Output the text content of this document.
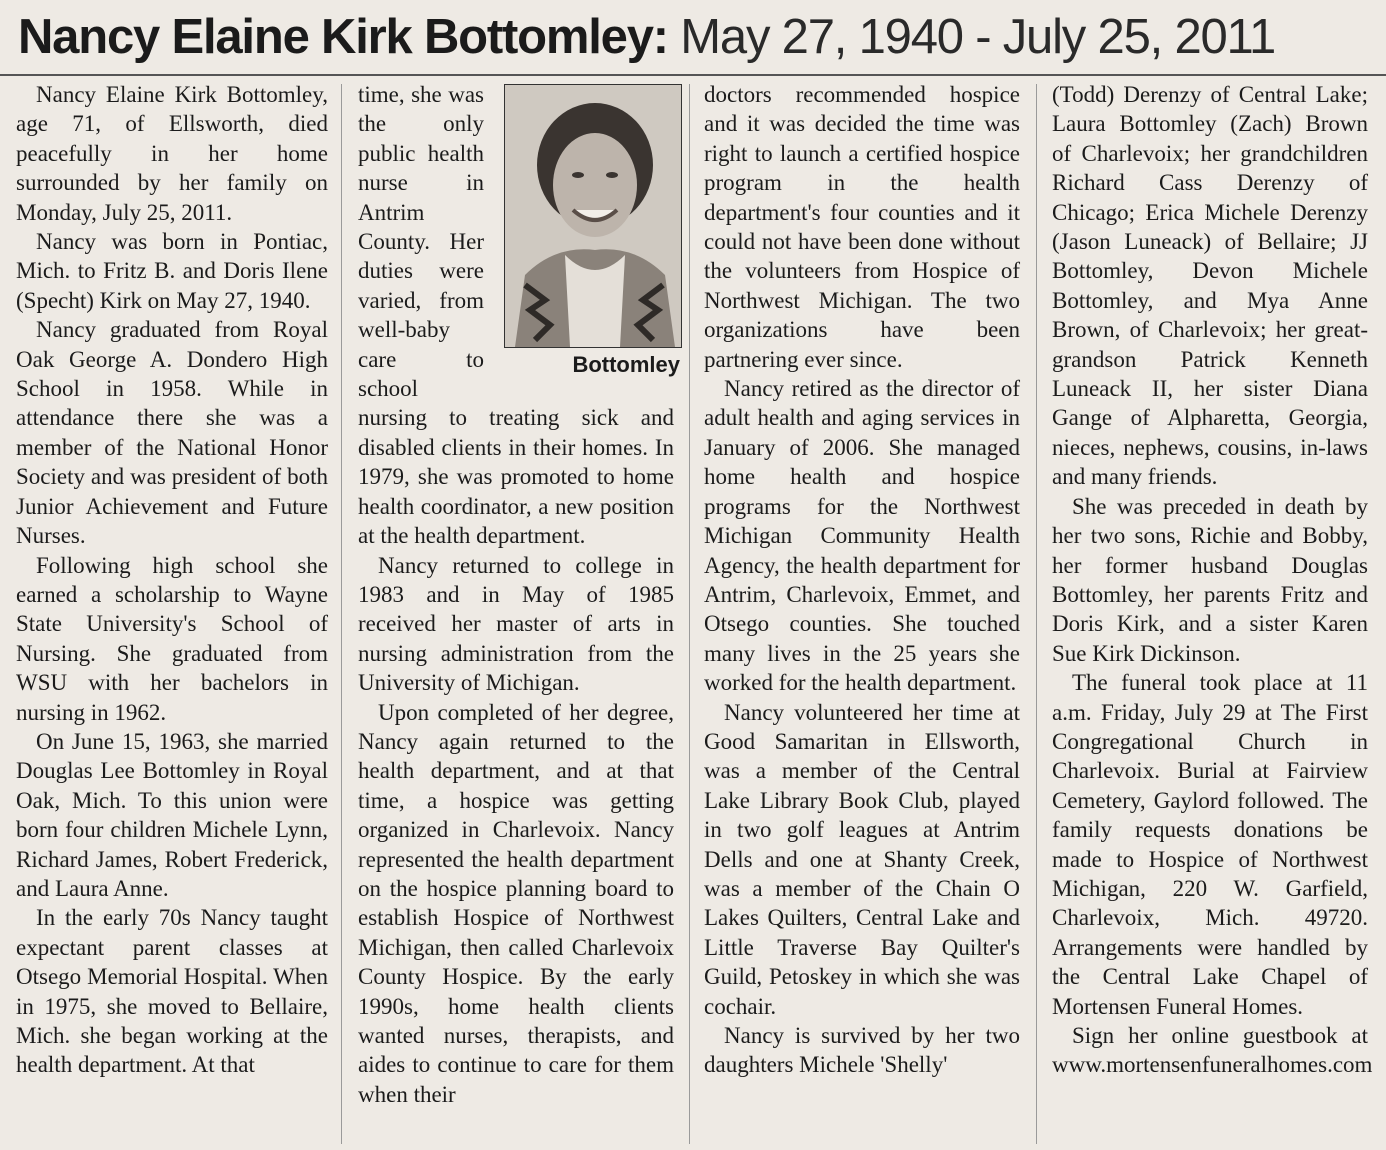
Nancy Elaine Kirk Bottomley: May 27, 1940 - July 25, 2011

Nancy Elaine Kirk Bottomley, age 71, of Ellsworth, died peacefully in her home surrounded by her family on Monday, July 25, 2011.

Nancy was born in Pontiac, Mich. to Fritz B. and Doris Ilene (Specht) Kirk on May 27, 1940.

Nancy graduated from Royal Oak George A. Dondero High School in 1958. While in attendance there she was a member of the National Honor Society and was president of both Junior Achievement and Future Nurses.

Following high school she earned a scholarship to Wayne State University's School of Nursing. She graduated from WSU with her bachelors in nursing in 1962.

On June 15, 1963, she married Douglas Lee Bottomley in Royal Oak, Mich. To this union were born four children Michele Lynn, Richard James, Robert Frederick, and Laura Anne.

In the early 70s Nancy taught expectant parent classes at Otsego Memorial Hospital. When in 1975, she moved to Bellaire, Mich. she began working at the health department. At that

time, she was the only public health nurse in Antrim County. Her duties were varied, from well-baby care to school nursing to treating sick and disabled clients in their homes. In 1979, she was promoted to home health coordinator, a new position at the health department.

Nancy returned to college in 1983 and in May of 1985 received her master of arts in nursing administration from the University of Michigan.

Upon completed of her degree, Nancy again returned to the health department, and at that time, a hospice was getting organized in Charlevoix. Nancy represented the health department on the hospice planning board to establish Hospice of Northwest Michigan, then called Charlevoix County Hospice. By the early 1990s, home health clients wanted nurses, therapists, and aides to continue to care for them when their

Bottomley

doctors recommended hospice and it was decided the time was right to launch a certified hospice program in the health department's four counties and it could not have been done without the volunteers from Hospice of Northwest Michigan. The two organizations have been partnering ever since.

Nancy retired as the director of adult health and aging services in January of 2006. She managed home health and hospice programs for the Northwest Michigan Community Health Agency, the health department for Antrim, Charlevoix, Emmet, and Otsego counties. She touched many lives in the 25 years she worked for the health department.

Nancy volunteered her time at Good Samaritan in Ellsworth, was a member of the Central Lake Library Book Club, played in two golf leagues at Antrim Dells and one at Shanty Creek, was a member of the Chain O Lakes Quilters, Central Lake and Little Traverse Bay Quilter's Guild, Petoskey in which she was cochair.

Nancy is survived by her two daughters Michele 'Shelly'

(Todd) Derenzy of Central Lake; Laura Bottomley (Zach) Brown of Charlevoix; her grandchildren Richard Cass Derenzy of Chicago; Erica Michele Derenzy (Jason Luneack) of Bellaire; JJ Bottomley, Devon Michele Bottomley, and Mya Anne Brown, of Charlevoix; her great-grandson Patrick Kenneth Luneack II, her sister Diana Gange of Alpharetta, Georgia, nieces, nephews, cousins, in-laws and many friends.

She was preceded in death by her two sons, Richie and Bobby, her former husband Douglas Bottomley, her parents Fritz and Doris Kirk, and a sister Karen Sue Kirk Dickinson.

The funeral took place at 11 a.m. Friday, July 29 at The First Congregational Church in Charlevoix. Burial at Fairview Cemetery, Gaylord followed. The family requests donations be made to Hospice of Northwest Michigan, 220 W. Garfield, Charlevoix, Mich. 49720. Arrangements were handled by the Central Lake Chapel of Mortensen Funeral Homes.

Sign her online guestbook at www.mortensenfuneralhomes.com
